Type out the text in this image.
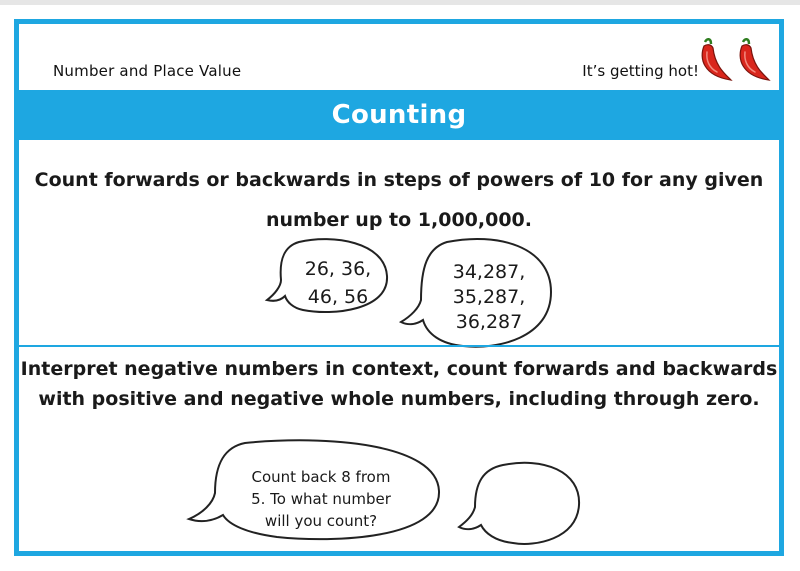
Number and Place Value	It’s getting hot!
Counting
Count forwards or backwards in steps of powers of 10 for any given
number up to 1,000,000.
26, 36,
46, 56
34,287,
35,287,
36,287
Interpret negative numbers in context, count forwards and backwards
with positive and negative whole numbers, including through zero.
Count back 8 from
5. To what number
will you count?
